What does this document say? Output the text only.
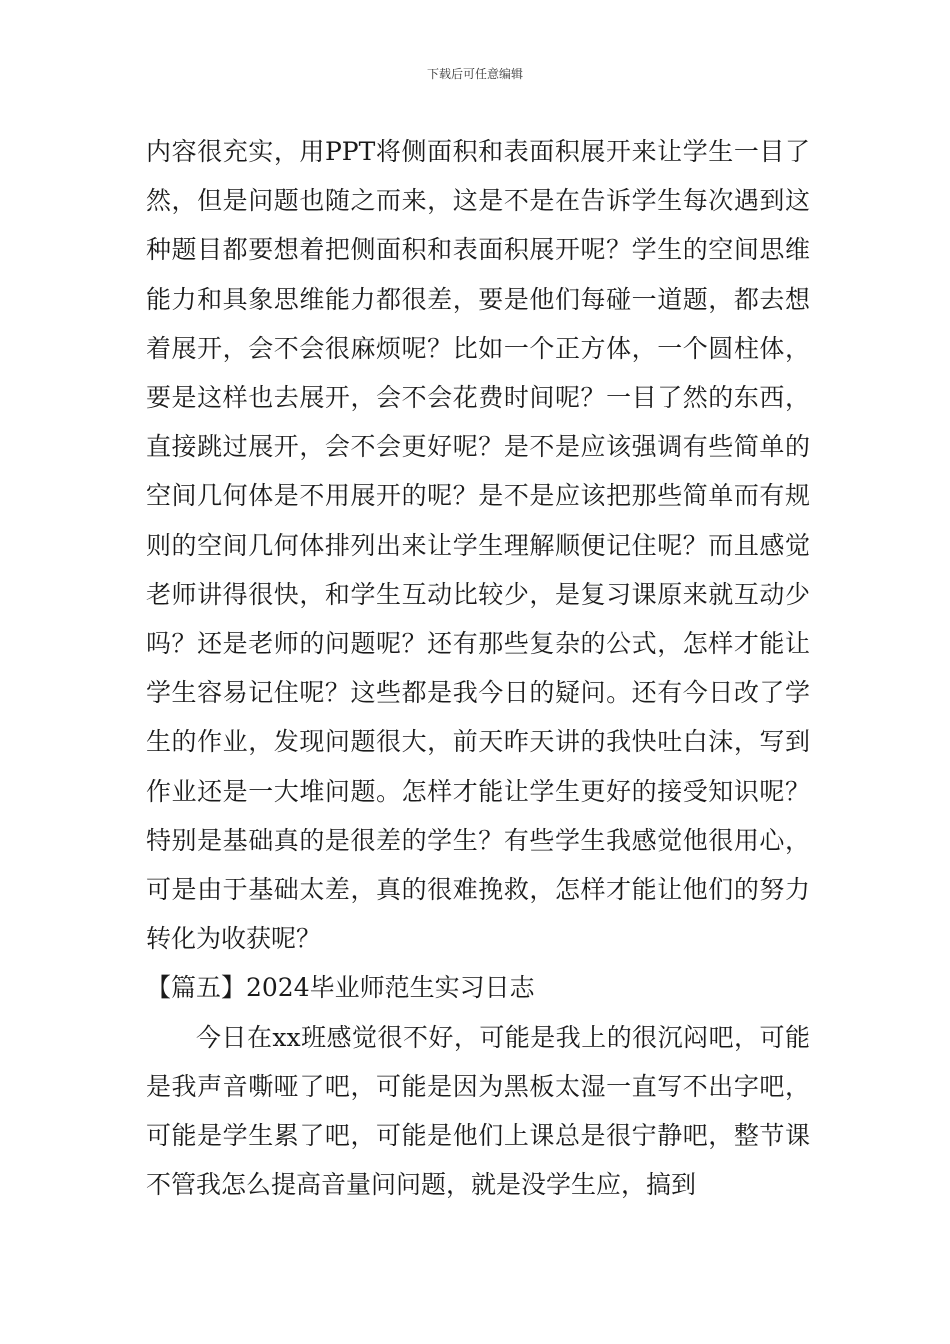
下载后可任意编辑

内容很充实，用PPT将侧面积和表面积展开来让学生一目了然，但是问题也随之而来，这是不是在告诉学生每次遇到这种题目都要想着把侧面积和表面积展开呢？学生的空间思维能力和具象思维能力都很差，要是他们每碰一道题，都去想着展开，会不会很麻烦呢？比如一个正方体，一个圆柱体，要是这样也去展开，会不会花费时间呢？一目了然的东西，直接跳过展开，会不会更好呢？是不是应该强调有些简单的空间几何体是不用展开的呢？是不是应该把那些简单而有规则的空间几何体排列出来让学生理解顺便记住呢？而且感觉老师讲得很快，和学生互动比较少，是复习课原来就互动少吗？还是老师的问题呢？还有那些复杂的公式，怎样才能让学生容易记住呢？这些都是我今日的疑问。还有今日改了学生的作业，发现问题很大，前天昨天讲的我快吐白沫，写到作业还是一大堆问题。怎样才能让学生更好的接受知识呢？特别是基础真的是很差的学生？有些学生我感觉他很用心，可是由于基础太差，真的很难挽救，怎样才能让他们的努力转化为收获呢？

【篇五】2024毕业师范生实习日志

今日在xx班感觉很不好，可能是我上的很沉闷吧，可能是我声音嘶哑了吧，可能是因为黑板太湿一直写不出字吧，可能是学生累了吧，可能是他们上课总是很宁静吧，整节课不管我怎么提高音量问问题，就是没学生应，搞到
